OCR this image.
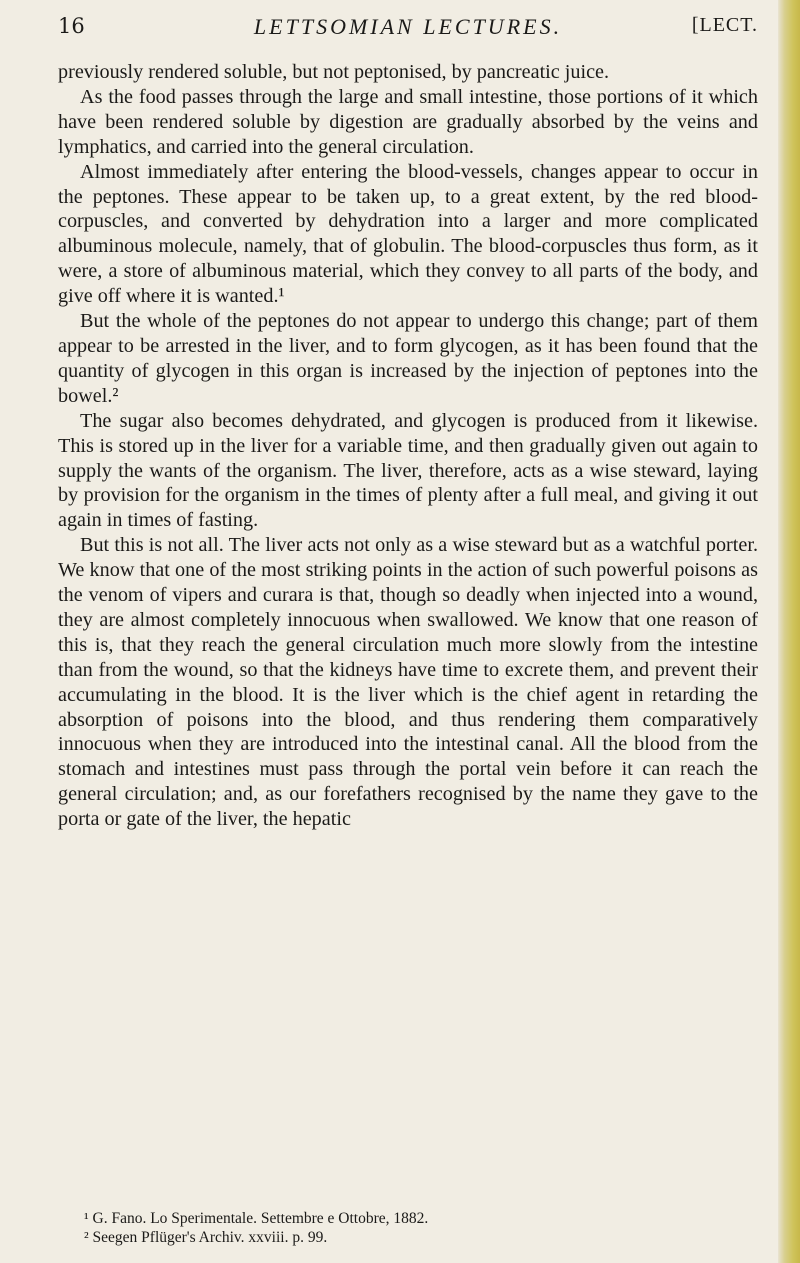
16	LETTSOMIAN LECTURES.	[LECT.

previously rendered soluble, but not peptonised, by pancreatic juice.

As the food passes through the large and small intestine, those portions of it which have been rendered soluble by digestion are gradually absorbed by the veins and lymphatics, and carried into the general circulation.

Almost immediately after entering the blood-vessels, changes appear to occur in the peptones. These appear to be taken up, to a great extent, by the red blood-corpuscles, and converted by dehydration into a larger and more complicated albuminous molecule, namely, that of globulin. The blood-corpuscles thus form, as it were, a store of albuminous material, which they convey to all parts of the body, and give off where it is wanted.¹

But the whole of the peptones do not appear to undergo this change; part of them appear to be arrested in the liver, and to form glycogen, as it has been found that the quantity of glycogen in this organ is increased by the injection of peptones into the bowel.²

The sugar also becomes dehydrated, and glycogen is produced from it likewise. This is stored up in the liver for a variable time, and then gradually given out again to supply the wants of the organism. The liver, therefore, acts as a wise steward, laying by provision for the organism in the times of plenty after a full meal, and giving it out again in times of fasting.

But this is not all. The liver acts not only as a wise steward but as a watchful porter. We know that one of the most striking points in the action of such powerful poisons as the venom of vipers and curara is that, though so deadly when injected into a wound, they are almost completely innocuous when swallowed. We know that one reason of this is, that they reach the general circulation much more slowly from the intestine than from the wound, so that the kidneys have time to excrete them, and prevent their accumulating in the blood. It is the liver which is the chief agent in retarding the absorption of poisons into the blood, and thus rendering them comparatively innocuous when they are introduced into the intestinal canal. All the blood from the stomach and intestines must pass through the portal vein before it can reach the general circulation; and, as our forefathers recognised by the name they gave to the porta or gate of the liver, the hepatic

¹ G. Fano. Lo Sperimentale. Settembre e Ottobre, 1882.
² Seegen Pflüger's Archiv. xxviii. p. 99.
